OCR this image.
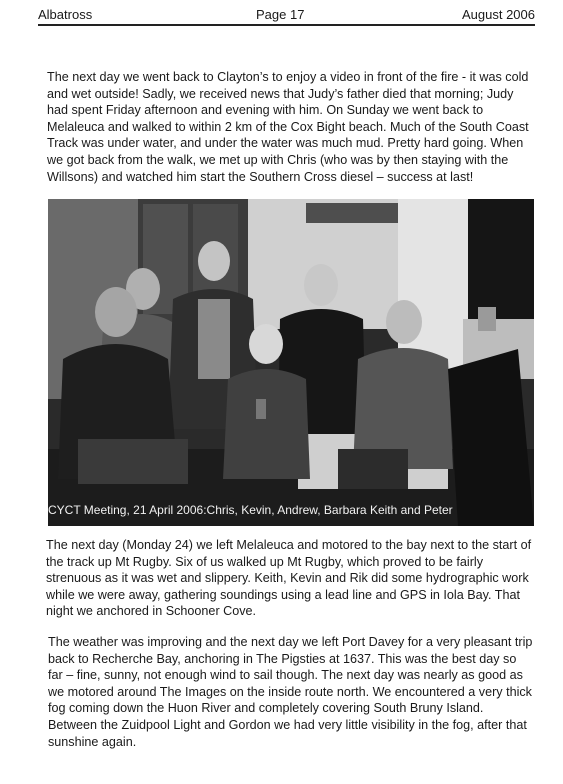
Albatross	Page 17	August 2006
The next day we went back to Clayton’s to enjoy a video in front of the fire - it was cold and wet outside! Sadly, we received news that Judy’s father died that morning; Judy had spent Friday afternoon and evening with him. On Sunday we went back to Melaleuca and walked to within 2 km of the Cox Bight beach. Much of the South Coast Track was under water, and under the water was much mud. Pretty hard going. When we got back from the walk, we met up with Chris (who was by then staying with the Willsons) and watched him start the Southern Cross diesel – success at last!
CYCT Meeting, 21 April 2006:Chris, Kevin, Andrew, Barbara Keith and Peter
The next day (Monday 24) we left Melaleuca and motored to the bay next to the start of the track up Mt Rugby. Six of us walked up Mt Rugby, which proved to be fairly strenuous as it was wet and slippery. Keith, Kevin and Rik did some hydrographic work while we were away, gathering soundings using a lead line and GPS in Iola Bay. That night we anchored in Schooner Cove.
The weather was improving and the next day we left Port Davey for a very pleasant trip back to Recherche Bay, anchoring in The Pigsties at 1637. This was the best day so far – fine, sunny, not enough wind to sail though. The next day was nearly as good as we motored around The Images on the inside route north. We encountered a very thick fog coming down the Huon River and completely covering South Bruny Island. Between the Zuidpool Light and Gordon we had very little visibility in the fog, after that sunshine again.
